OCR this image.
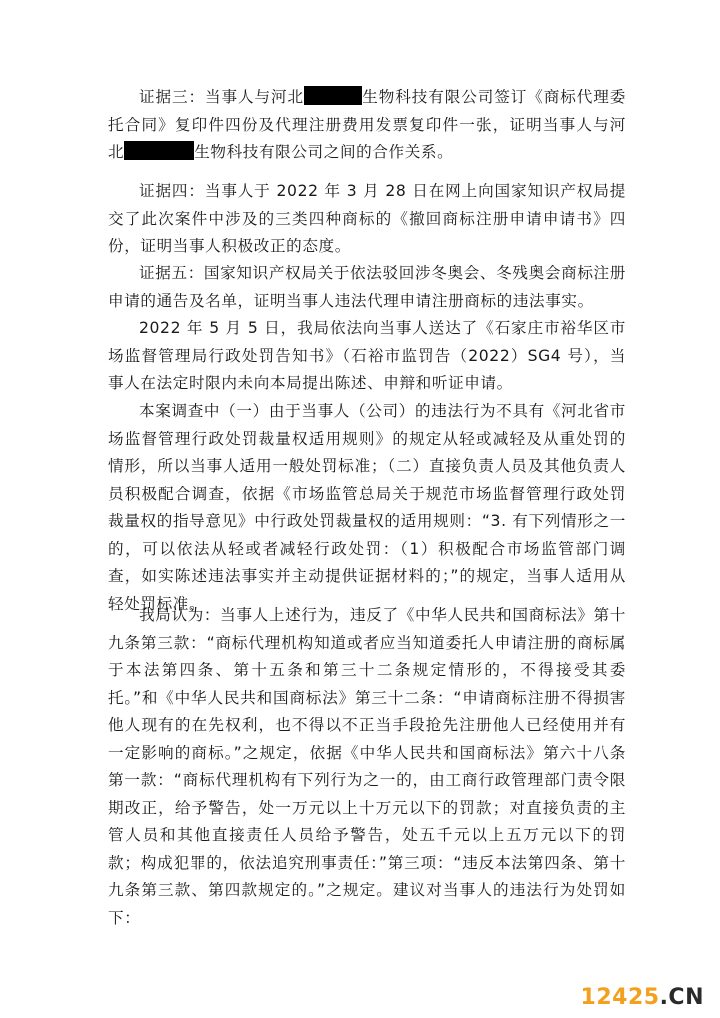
证据三：当事人与河北	生物科技有限公司签订《商标代理委托合同》复印件四份及代理注册费用发票复印件一张，证明当事人与河北	生物科技有限公司之间的合作关系。

证据四：当事人于 2022 年 3 月 28 日在网上向国家知识产权局提交了此次案件中涉及的三类四种商标的《撤回商标注册申请申请书》四份，证明当事人积极改正的态度。

证据五：国家知识产权局关于依法驳回涉冬奥会、冬残奥会商标注册申请的通告及名单，证明当事人违法代理申请注册商标的违法事实。

2022 年 5 月 5 日，我局依法向当事人送达了《石家庄市裕华区市场监督管理局行政处罚告知书》（石裕市监罚告（2022）SG4 号），当事人在法定时限内未向本局提出陈述、申辩和听证申请。

本案调查中（一）由于当事人（公司）的违法行为不具有《河北省市场监督管理行政处罚裁量权适用规则》的规定从轻或减轻及从重处罚的情形，所以当事人适用一般处罚标准；（二）直接负责人员及其他负责人员积极配合调查，依据《市场监管总局关于规范市场监督管理行政处罚裁量权的指导意见》中行政处罚裁量权的适用规则：“3. 有下列情形之一的，可以依法从轻或者减轻行政处罚：（1）积极配合市场监管部门调查，如实陈述违法事实并主动提供证据材料的；”的规定，当事人适用从轻处罚标准。

我局认为：当事人上述行为，违反了《中华人民共和国商标法》第十九条第三款：“商标代理机构知道或者应当知道委托人申请注册的商标属于本法第四条、第十五条和第三十二条规定情形的，不得接受其委托。”和《中华人民共和国商标法》第三十二条：“申请商标注册不得损害他人现有的在先权利，也不得以不正当手段抢先注册他人已经使用并有一定影响的商标。”之规定，依据《中华人民共和国商标法》第六十八条第一款：“商标代理机构有下列行为之一的，由工商行政管理部门责令限期改正，给予警告，处一万元以上十万元以下的罚款；对直接负责的主管人员和其他直接责任人员给予警告，处五千元以上五万元以下的罚款；构成犯罪的，依法追究刑事责任：”第三项：“违反本法第四条、第十九条第三款、第四款规定的。”之规定。建议对当事人的违法行为处罚如下：

12425.CN
